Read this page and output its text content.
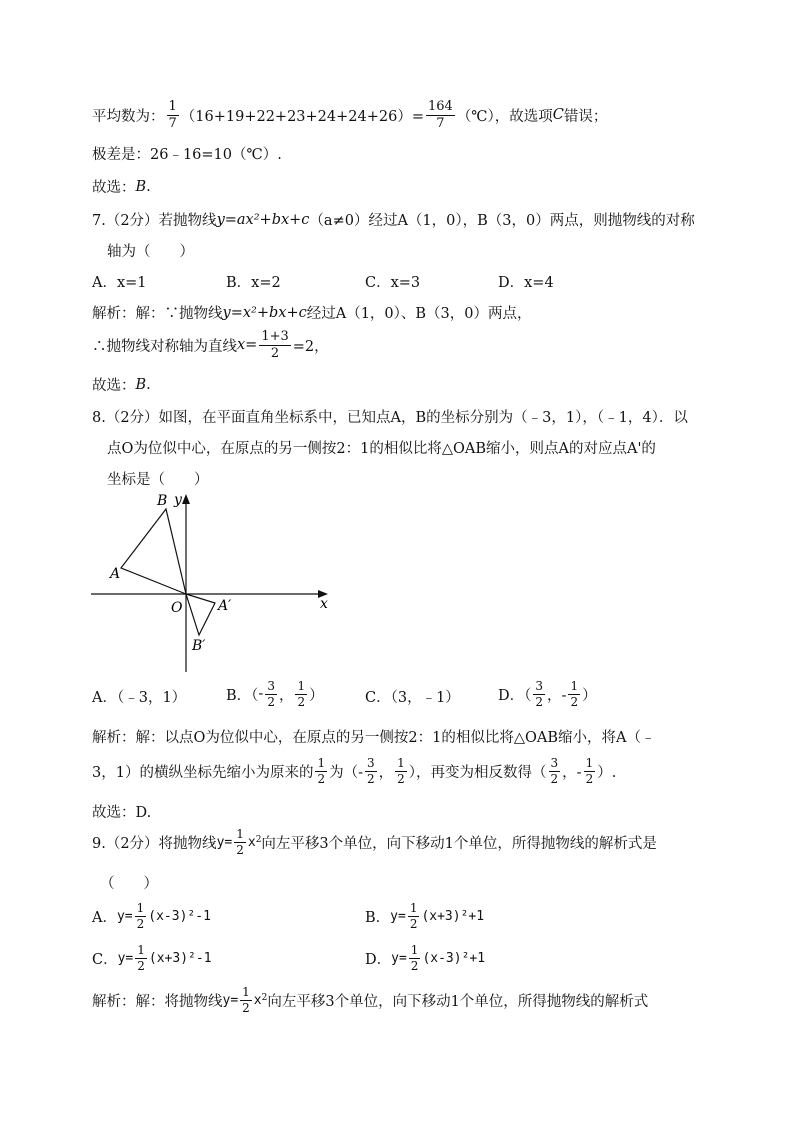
平均数为： $\frac{1}{7} (16+19+22+23+24+24+26)= \frac{164}{7}$ （℃），故选项 C 错误；
极差是：26﹣16=10（℃）.
故选： B .
7.（2分）若抛物线 y=ax²+bx+c （a≠0）经过 A（1，0）， B（3，0）两点，则抛物线的对称
轴为（　　）
A．x=1	B．x=2	C．x=3	D．x=4
解析：解：∵抛物线 y=x²+bx+c 经过 A（1，0）、B（3，0）两点，
∴抛物线对称轴为直线 $x= \frac{1+3}{2} =2$，
故选： B .
8.（2分）如图，在平面直角坐标系中，已知点A，B的坐标分别为（﹣3，1），（﹣1，4）．以
点O为位似中心，在原点的另一侧按2：1的相似比将△OAB缩小，则点A的对应点A'的
坐标是（　　）
B y
A
O	A′	x
B′
A．（﹣3，1）	B．（ - $\frac{3}{2}$ ， $\frac{1}{2}$ ）	C．（3，﹣1）	D．（ $\frac{3}{2}$ ，- $\frac{1}{2}$ ）
解析：解：以点O为位似中心，在原点的另一侧按2：1的相似比将△OAB缩小，将A（﹣
3，1）的横纵坐标先缩小为原来的 $\frac{1}{2}$ 为（- $\frac{3}{2}$ ， $\frac{1}{2}$ ），再变为相反数得（ $\frac{3}{2}$ ，- $\frac{1}{2}$ ）.
故选：D.
9.（2分）将抛物线 $y= \frac{1}{2}$ x 2 向左平移3个单位，向下移动1个单位，所得抛物线的解析式是
（　　）
A． $y= \frac{1}{2} (x-3)^2-1$	B． $y= \frac{1}{2} (x+3)^2+1$
C． $y= \frac{1}{2} (x+3)^2-1$	D． $y= \frac{1}{2} (x-3)^2+1$
解析：解：将抛物线 $y= \frac{1}{2}$ x 2 向左平移3个单位，向下移动1个单位，所得抛物线的解析式
